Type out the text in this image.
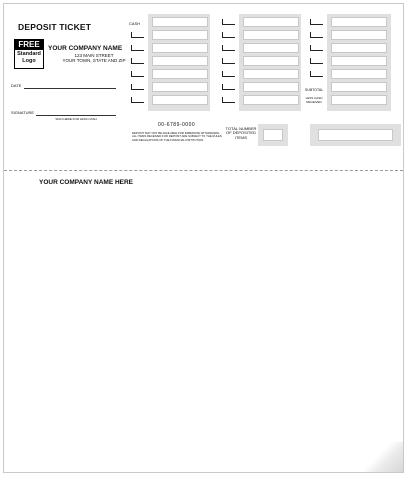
DEPOSIT TICKET
FREE
Standard
Logo
YOUR COMPANY NAME
123 MAIN STREET
YOUR TOWN, STATE AND ZIP
DATE
SIGNATURE
SIGN HERE FOR LESS CASH
CASH
SUBTOTAL
LESS CASH RECEIVED
00-6789-0000
DEPOSIT MAY NOT BE AVAILABLE FOR IMMEDIATE WITHDRAWAL. ALL ITEMS RECEIVED FOR DEPOSIT ARE SUBJECT TO THE RULES AND REGULATIONS OF THE FINANCIAL INSTITUTION.
TOTAL NUMBER OF DEPOSITED ITEMS
YOUR COMPANY NAME HERE
